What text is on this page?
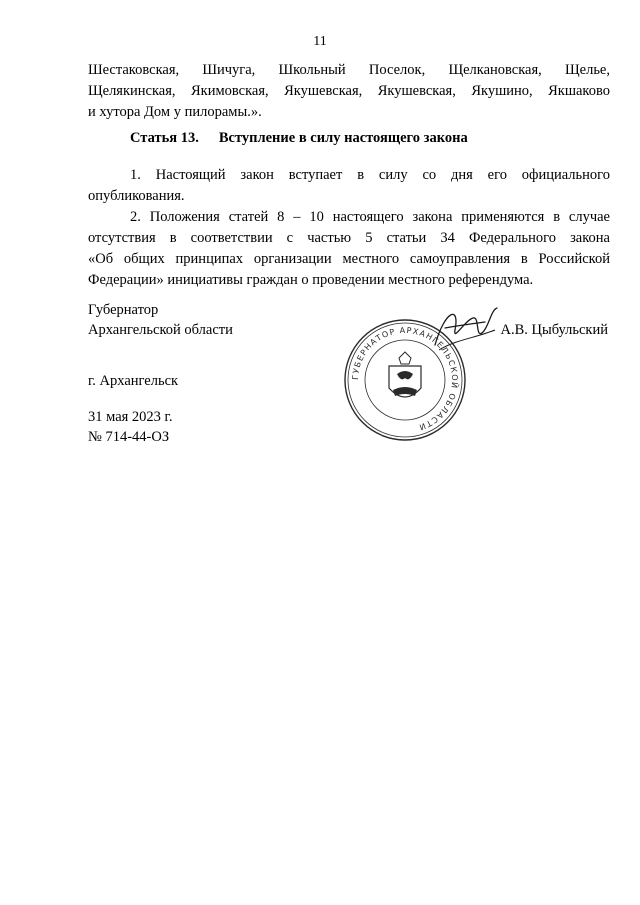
11

Шестаковская, Шичуга, Школьный Поселок, Щелкановская, Щелье,

Щелякинская, Якимовская, Якушевская, Якушевская, Якушино, Якшаково

и хутора Дом у пилорамы.».

Статья 13. Вступление в силу настоящего закона

1. Настоящий закон вступает в силу со дня его официального

опубликования.

2. Положения статей 8 – 10 настоящего закона применяются в случае

отсутствия в соответствии с частью 5 статьи 34 Федерального закона

«Об общих принципах организации местного самоуправления в Российской

Федерации» инициативы граждан о проведении местного референдума.

Губернатор
Архангельской области
ГУБЕРНАТОР АРХАНГЕЛЬСКОЙ ОБЛАСТИ
А.В. Цыбульский
г. Архангельск
31 мая 2023 г.
№ 714-44-ОЗ
